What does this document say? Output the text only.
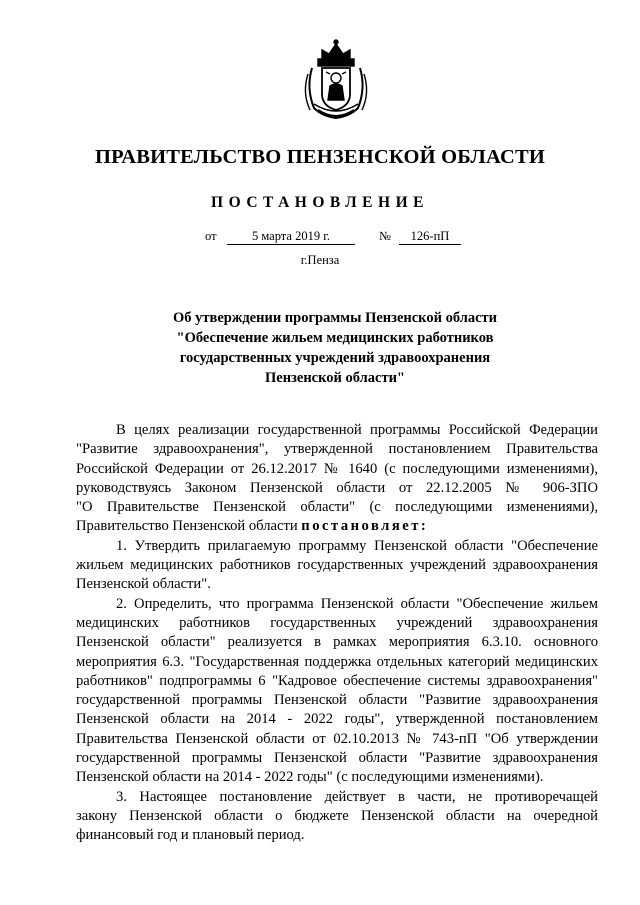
ПРАВИТЕЛЬСТВО ПЕНЗЕНСКОЙ ОБЛАСТИ
ПОСТАНОВЛЕНИЕ
от	5 марта 2019 г.	№	126-пП
г.Пенза
Об утверждении программы Пензенской области
"Обеспечение жильем медицинских работников
государственных учреждений здравоохранения
Пензенской области"

В целях реализации государственной программы Российской Федерации
"Развитие здравоохранения", утвержденной постановлением Правительства
Российской Федерации от 26.12.2017 № 1640 (с последующими изменениями),
руководствуясь Законом Пензенской области от 22.12.2005 № 906-ЗПО
"О Правительстве Пензенской области" (с последующими изменениями),
Правительство Пензенской области постановляет:

1. Утвердить прилагаемую программу Пензенской области "Обеспечение
жильем медицинских работников государственных учреждений здравоохранения
Пензенской области".

2. Определить, что программа Пензенской области "Обеспечение жильем
медицинских работников государственных учреждений здравоохранения
Пензенской области" реализуется в рамках мероприятия 6.3.10. основного
мероприятия 6.3. "Государственная поддержка отдельных категорий медицинских
работников" подпрограммы 6 "Кадровое обеспечение системы здравоохранения"
государственной программы Пензенской области "Развитие здравоохранения
Пензенской области на 2014 - 2022 годы", утвержденной постановлением
Правительства Пензенской области от 02.10.2013 № 743-пП "Об утверждении
государственной программы Пензенской области "Развитие здравоохранения
Пензенской области на 2014 - 2022 годы" (с последующими изменениями).

3. Настоящее постановление действует в части, не противоречащей
закону Пензенской области о бюджете Пензенской области на очередной
финансовый год и плановый период.
